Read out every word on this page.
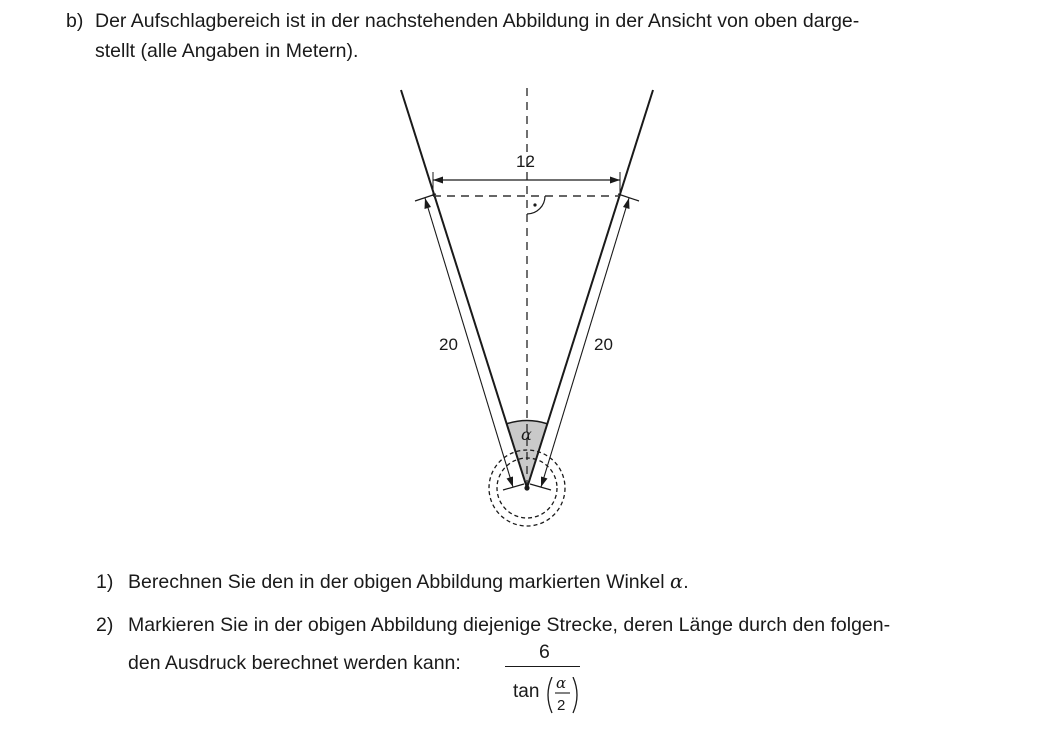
b) Der Aufschlagbereich ist in der nachstehenden Abbildung in der Ansicht von oben darge-
stellt (alle Angaben in Metern).
12
20	20
α
1) Berechnen Sie den in der obigen Abbildung markierten Winkel α.
2) Markieren Sie in der obigen Abbildung diejenige Strecke, deren Länge durch den folgen-
den Ausdruck berechnet werden kann:	6
tan α
2
